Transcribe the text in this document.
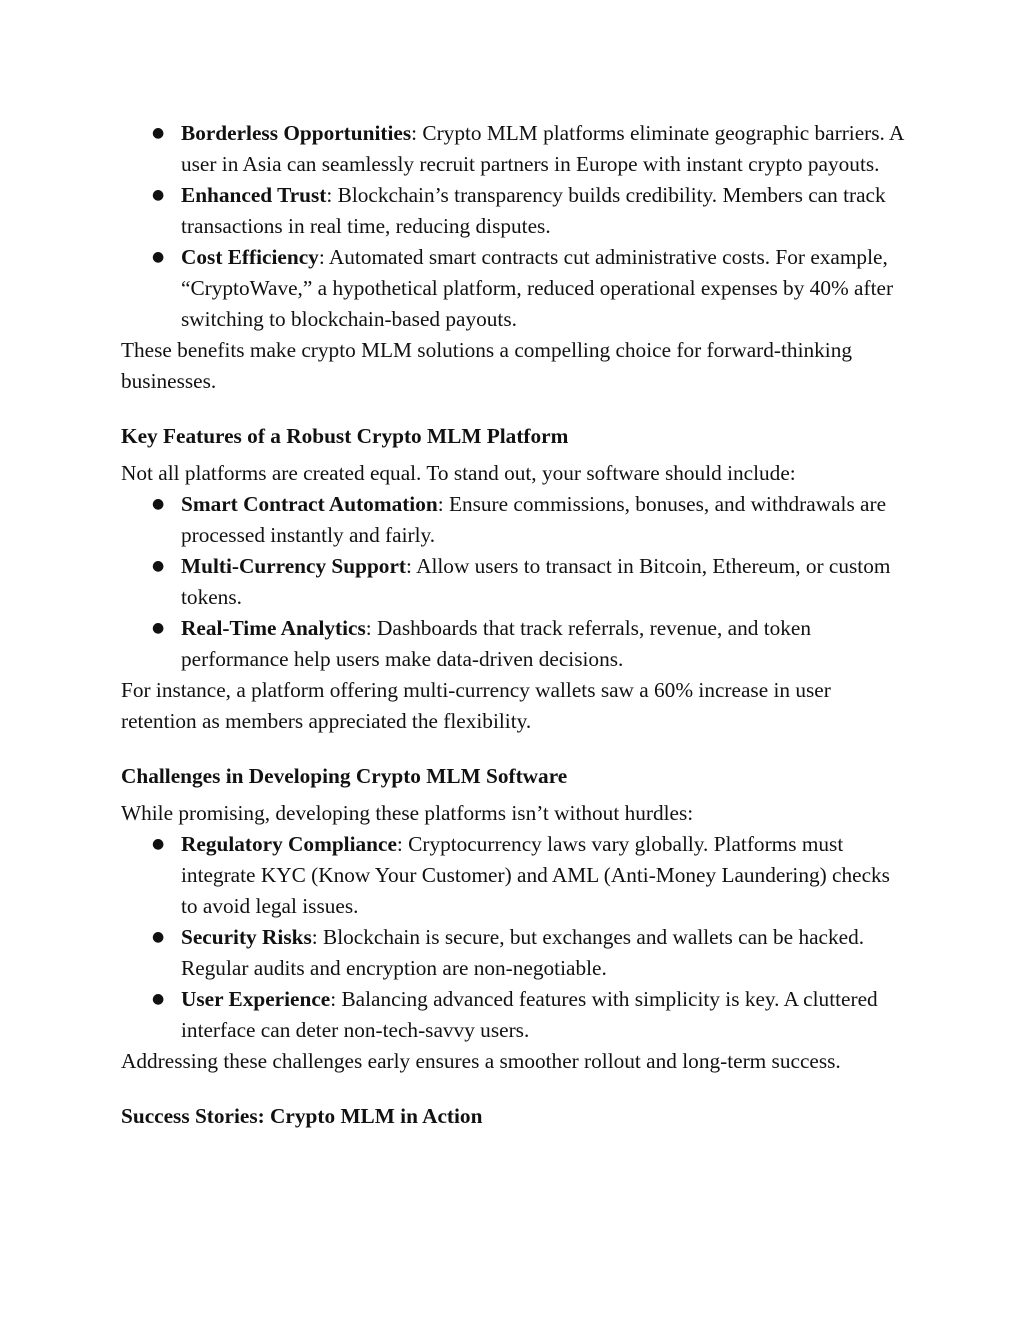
● Borderless Opportunities: Crypto MLM platforms eliminate geographic barriers. A user in Asia can seamlessly recruit partners in Europe with instant crypto payouts.
● Enhanced Trust: Blockchain’s transparency builds credibility. Members can track transactions in real time, reducing disputes.
● Cost Efficiency: Automated smart contracts cut administrative costs. For example, “CryptoWave,” a hypothetical platform, reduced operational expenses by 40% after switching to blockchain-based payouts.

These benefits make crypto MLM solutions a compelling choice for forward-thinking businesses.

Key Features of a Robust Crypto MLM Platform

Not all platforms are created equal. To stand out, your software should include:

● Smart Contract Automation: Ensure commissions, bonuses, and withdrawals are processed instantly and fairly.
● Multi-Currency Support: Allow users to transact in Bitcoin, Ethereum, or custom tokens.
● Real-Time Analytics: Dashboards that track referrals, revenue, and token performance help users make data-driven decisions.

For instance, a platform offering multi-currency wallets saw a 60% increase in user retention as members appreciated the flexibility.

Challenges in Developing Crypto MLM Software

While promising, developing these platforms isn’t without hurdles:

● Regulatory Compliance: Cryptocurrency laws vary globally. Platforms must integrate KYC (Know Your Customer) and AML (Anti-Money Laundering) checks to avoid legal issues.
● Security Risks: Blockchain is secure, but exchanges and wallets can be hacked. Regular audits and encryption are non-negotiable.
● User Experience: Balancing advanced features with simplicity is key. A cluttered interface can deter non-tech-savvy users.

Addressing these challenges early ensures a smoother rollout and long-term success.

Success Stories: Crypto MLM in Action
